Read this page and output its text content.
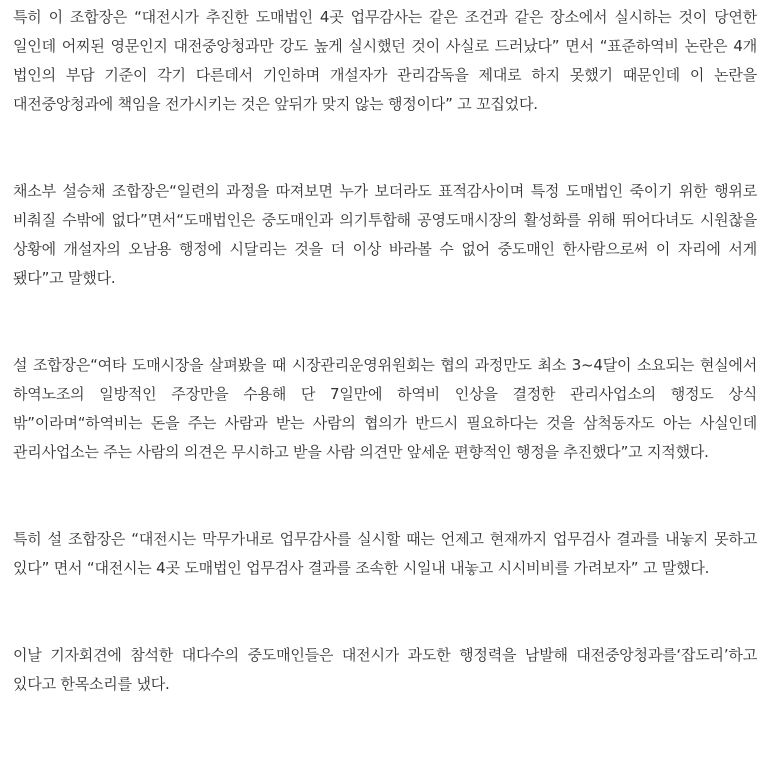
특히 이 조합장은 “대전시가 추진한 도매법인 4곳 업무감사는 같은 조건과 같은 장소에서 실시하는 것이 당연한 일인데 어찌된 영문인지 대전중앙청과만 강도 높게 실시했던 것이 사실로 드러났다” 면서 “표준하역비 논란은 4개 법인의 부담 기준이 각기 다른데서 기인하며 개설자가 관리감독을 제대로 하지 못했기 때문인데 이 논란을 대전중앙청과에 책임을 전가시키는 것은 앞뒤가 맞지 않는 행정이다” 고 꼬집었다.

채소부 설승채 조합장은“일련의 과정을 따져보면 누가 보더라도 표적감사이며 특정 도매법인 죽이기 위한 행위로 비춰질 수밖에 없다”면서“도매법인은 중도매인과 의기투합해 공영도매시장의 활성화를 위해 뛰어다녀도 시원찮을 상황에 개설자의 오남용 행정에 시달리는 것을 더 이상 바라볼 수 없어 중도매인 한사람으로써 이 자리에 서게 됐다”고 말했다.

설 조합장은“여타 도매시장을 살펴봤을 때 시장관리운영위원회는 협의 과정만도 최소 3~4달이 소요되는 현실에서 하역노조의 일방적인 주장만을 수용해 단 7일만에 하역비 인상을 결정한 관리사업소의 행정도 상식 밖”이라며“하역비는 돈을 주는 사람과 받는 사람의 협의가 반드시 필요하다는 것을 삼척동자도 아는 사실인데 관리사업소는 주는 사람의 의견은 무시하고 받을 사람 의견만 앞세운 편향적인 행정을 추진했다”고 지적했다.

특히 설 조합장은 “대전시는 막무가내로 업무감사를 실시할 때는 언제고 현재까지 업무검사 결과를 내놓지 못하고 있다” 면서 “대전시는 4곳 도매법인 업무검사 결과를 조속한 시일내 내놓고 시시비비를 가려보자” 고 말했다.

이날 기자회견에 참석한 대다수의 중도매인들은 대전시가 과도한 행정력을 남발해 대전중앙청과를‘잡도리’하고 있다고 한목소리를 냈다.
